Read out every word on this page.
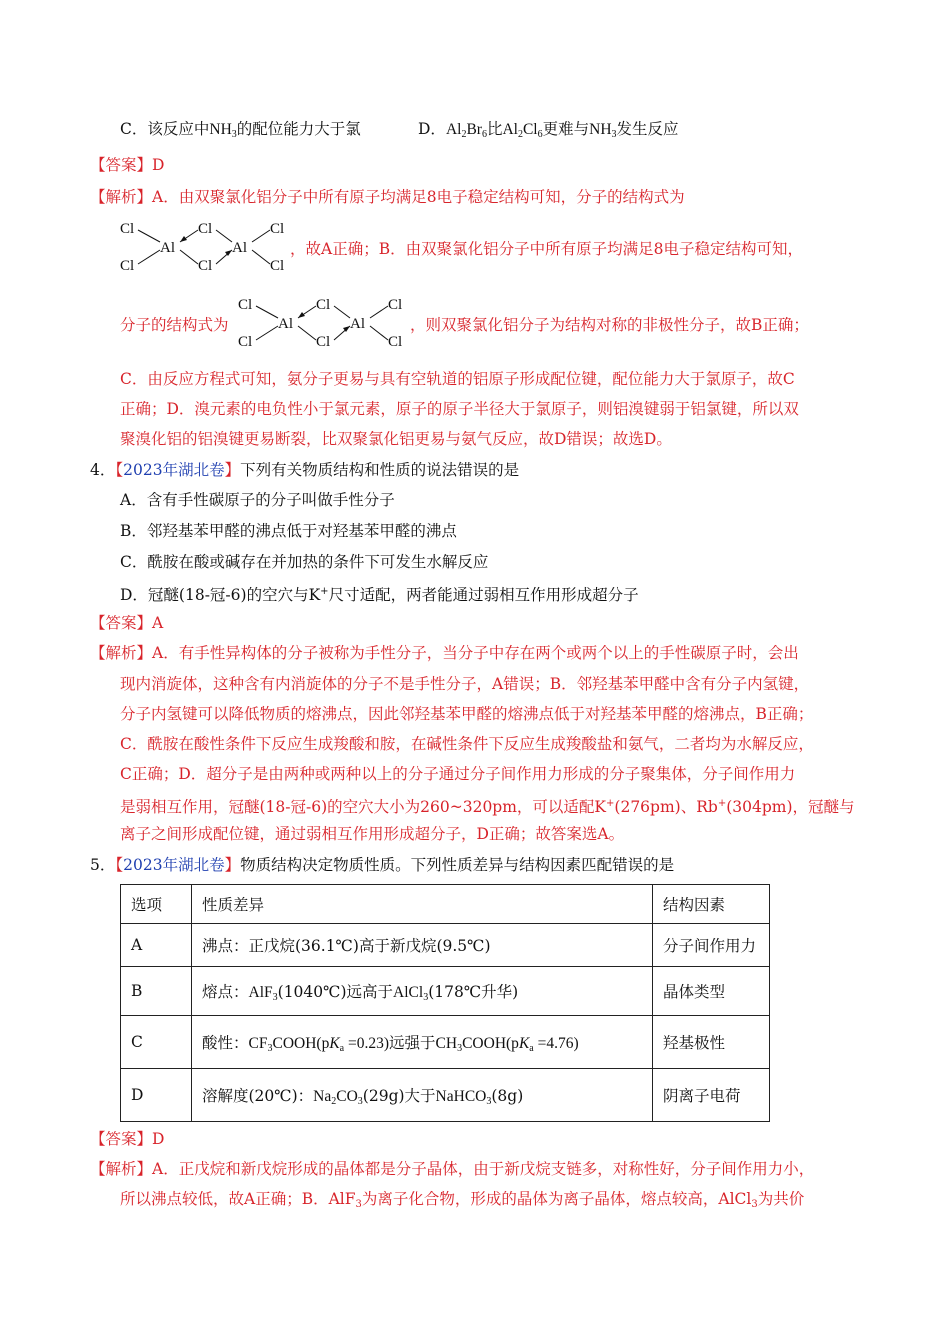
C．该反应中$NH_3$的配位能力大于氯	D．$Al_2Br_6$比$Al_2Cl_6$更难与$NH_3$发生反应
【答案】D
【解析】A．由双聚氯化铝分子中所有原子均满足8电子稳定结构可知，分子的结构式为
Cl
Cl
Al
Cl
Cl
Al
Cl
Cl
，故A正确；B．由双聚氯化铝分子中所有原子均满足8电子稳定结构可知，
分子的结构式为
Cl
Cl
Al
Cl
Cl
Al
Cl
Cl
，则双聚氯化铝分子为结构对称的非极性分子，故B正确；
C．由反应方程式可知，氨分子更易与具有空轨道的铝原子形成配位键，配位能力大于氯原子，故C
正确；D．溴元素的电负性小于氯元素，原子的原子半径大于氯原子，则铝溴键弱于铝氯键，所以双
聚溴化铝的铝溴键更易断裂，比双聚氯化铝更易与氨气反应，故D错误；故选D。
4．【2023年湖北卷】下列有关物质结构和性质的说法错误的是
A．含有手性碳原子的分子叫做手性分子
B．邻羟基苯甲醛的沸点低于对羟基苯甲醛的沸点
C．酰胺在酸或碱存在并加热的条件下可发生水解反应
D．冠醚(18-冠-6)的空穴与K+尺寸适配，两者能通过弱相互作用形成超分子
【答案】A
【解析】A．有手性异构体的分子被称为手性分子，当分子中存在两个或两个以上的手性碳原子时，会出
现内消旋体，这种含有内消旋体的分子不是手性分子，A错误；B．邻羟基苯甲醛中含有分子内氢键，
分子内氢键可以降低物质的熔沸点，因此邻羟基苯甲醛的熔沸点低于对羟基苯甲醛的熔沸点，B正确；
C．酰胺在酸性条件下反应生成羧酸和胺，在碱性条件下反应生成羧酸盐和氨气，二者均为水解反应，
C正确；D．超分子是由两种或两种以上的分子通过分子间作用力形成的分子聚集体，分子间作用力
是弱相互作用，冠醚(18-冠-6)的空穴大小为260~320pm，可以适配K+(276pm)、Rb+(304pm)，冠醚与
离子之间形成配位键，通过弱相互作用形成超分子，D正确；故答案选A。
5．【2023年湖北卷】物质结构决定物质性质。下列性质差异与结构因素匹配错误的是
选项	性质差异	结构因素
A	沸点：正戊烷(36.1℃)高于新戊烷(9.5℃)	分子间作用力
B	熔点：AlF$_3$(1040℃)远高于AlCl$_3$(178℃升华)	晶体类型
C	酸性：$CF_3COOH(pK_a =0.23)$远强于$CH_3COOH(pK_a =4.76)$	羟基极性
D	溶解度(20℃)：$Na_2CO_3(29g)$大于NaHCO$_3$(8g)	阴离子电荷
【答案】D
【解析】A．正戊烷和新戊烷形成的晶体都是分子晶体，由于新戊烷支链多，对称性好，分子间作用力小，
所以沸点较低，故A正确；B．AlF$_3$为离子化合物，形成的晶体为离子晶体，熔点较高，AlCl$_3$为共价
